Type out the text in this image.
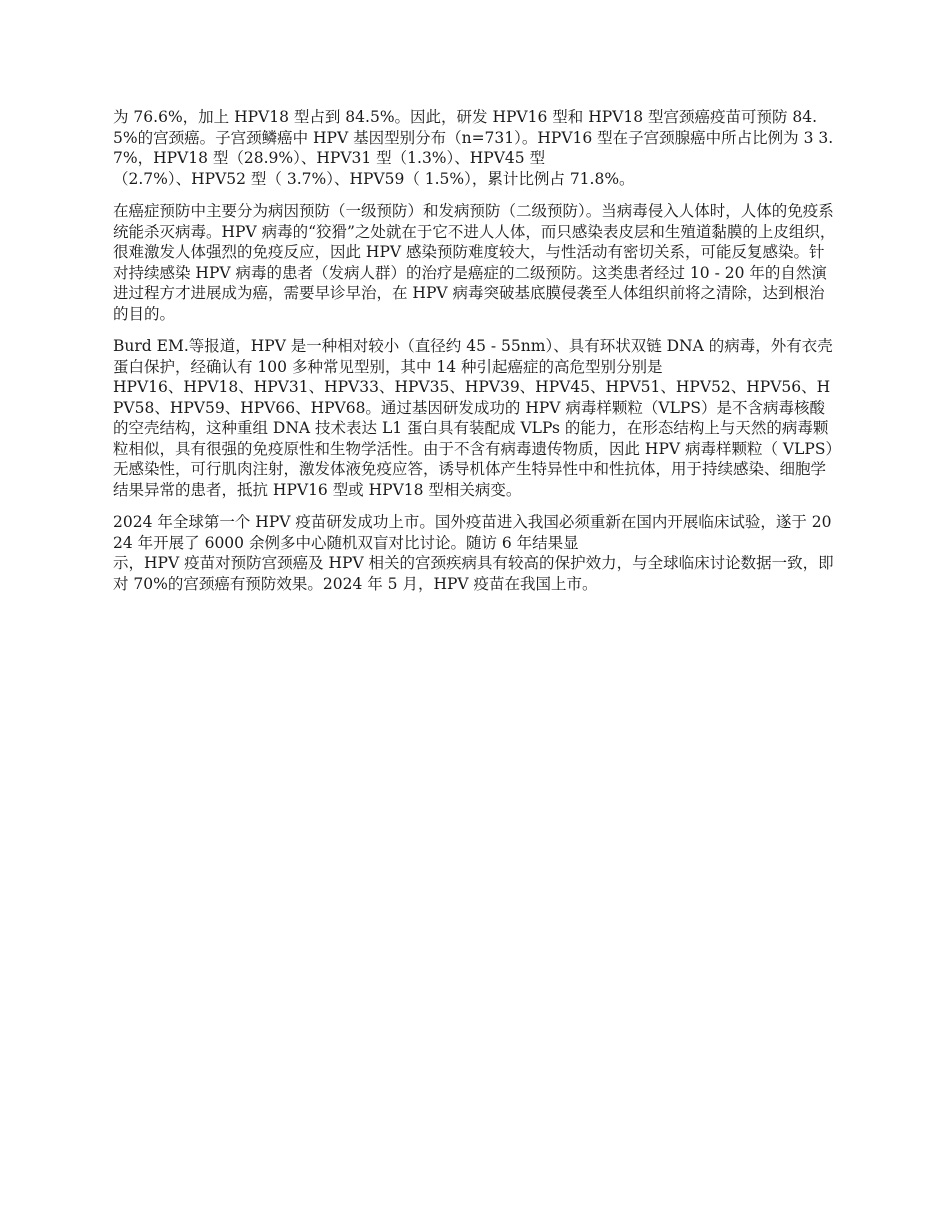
为 76.6%，加上 HPV18 型占到 84.5%。因此，研发 HPV16 型和 HPV18 型宫颈癌疫苗可预防 84.5%的宫颈癌。子宫颈鳞癌中 HPV 基因型别分布（n=731）。HPV16 型在子宫颈腺癌中所占比例为 3 3.7%，HPV18 型（28.9%）、HPV31 型（1.3%）、HPV45 型
（2.7%）、HPV52 型（ 3.7%）、HPV59（ 1.5%），累计比例占 71.8%。

在癌症预防中主要分为病因预防（一级预防）和发病预防（二级预防）。当病毒侵入人体时，人体的免疫系统能杀灭病毒。HPV 病毒的“狡猾”之处就在于它不进人人体，而只感染表皮层和生殖道黏膜的上皮组织，很难激发人体强烈的免疫反应，因此 HPV 感染预防难度较大，与性活动有密切关系，可能反复感染。针对持续感染 HPV 病毒的患者（发病人群）的治疗是癌症的二级预防。这类患者经过 10 - 20 年的自然演进过程方才进展成为癌，需要早诊早治，在 HPV 病毒突破基底膜侵袭至人体组织前将之清除，达到根治的目的。

Burd EM.等报道，HPV 是一种相对较小（直径约 45 - 55nm）、具有环状双链 DNA 的病毒，外有衣壳蛋白保护，经确认有 100 多种常见型别，其中 14 种引起癌症的高危型别分别是
HPV16、HPV18、HPV31、HPV33、HPV35、HPV39、HPV45、HPV51、HPV52、HPV56、HPV58、HPV59、HPV66、HPV68。通过基因研发成功的 HPV 病毒样颗粒（VLPS）是不含病毒核酸的空壳结构，这种重组 DNA 技术表达 L1 蛋白具有装配成 VLPs 的能力，在形态结构上与天然的病毒颗粒相似，具有很强的免疫原性和生物学活性。由于不含有病毒遗传物质，因此 HPV 病毒样颗粒（ VLPS）无感染性，可行肌肉注射，激发体液免疫应答，诱导机体产生特异性中和性抗体，用于持续感染、细胞学结果异常的患者，抵抗 HPV16 型或 HPV18 型相关病变。

2024 年全球第一个 HPV 疫苗研发成功上市。国外疫苗进入我国必须重新在国内开展临床试验，遂于 2024 年开展了 6000 余例多中心随机双盲对比讨论。随访 6 年结果显
示，HPV 疫苗对预防宫颈癌及 HPV 相关的宫颈疾病具有较高的保护效力，与全球临床讨论数据一致，即对 70%的宫颈癌有预防效果。2024 年 5 月，HPV 疫苗在我国上市。
